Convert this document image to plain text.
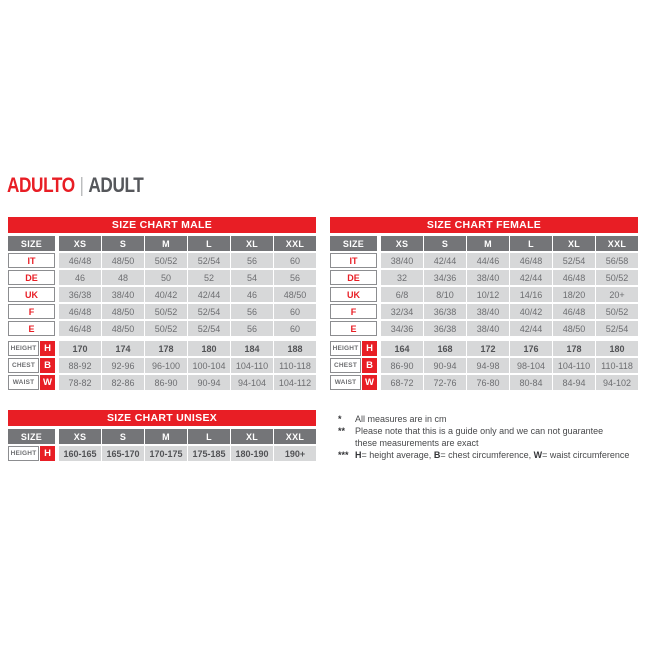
ADULTO | ADULT
SIZE CHART MALE
SIZE	XS	S	M	L	XL	XXL
IT	46/48	48/50	50/52	52/54	56	60
DE	46	48	50	52	54	56
UK	36/38	38/40	40/42	42/44	46	48/50
F	46/48	48/50	50/52	52/54	56	60
E	46/48	48/50	50/52	52/54	56	60
HEIGHT H	170	174	178	180	184	188
CHEST B	88-92	92-96	96-100	100-104	104-110	110-118
WAIST W	78-82	82-86	86-90	90-94	94-104	104-112
SIZE CHART FEMALE
SIZE	XS	S	M	L	XL	XXL
IT	38/40	42/44	44/46	46/48	52/54	56/58
DE	32	34/36	38/40	42/44	46/48	50/52
UK	6/8	8/10	10/12	14/16	18/20	20+
F	32/34	36/38	38/40	40/42	46/48	50/52
E	34/36	36/38	38/40	42/44	48/50	52/54
HEIGHT H	164	168	172	176	178	180
CHEST B	86-90	90-94	94-98	98-104	104-110	110-118
WAIST W	68-72	72-76	76-80	80-84	84-94	94-102
SIZE CHART UNISEX
SIZE	XS	S	M	L	XL	XXL
HEIGHT H	160-165	165-170	170-175	175-185	180-190	190+
*	All measures are in cm
**	Please note that this is a guide only and we can not guarantee
these measurements are exact
*** H= height average, B= chest circumference, W= waist circumference
